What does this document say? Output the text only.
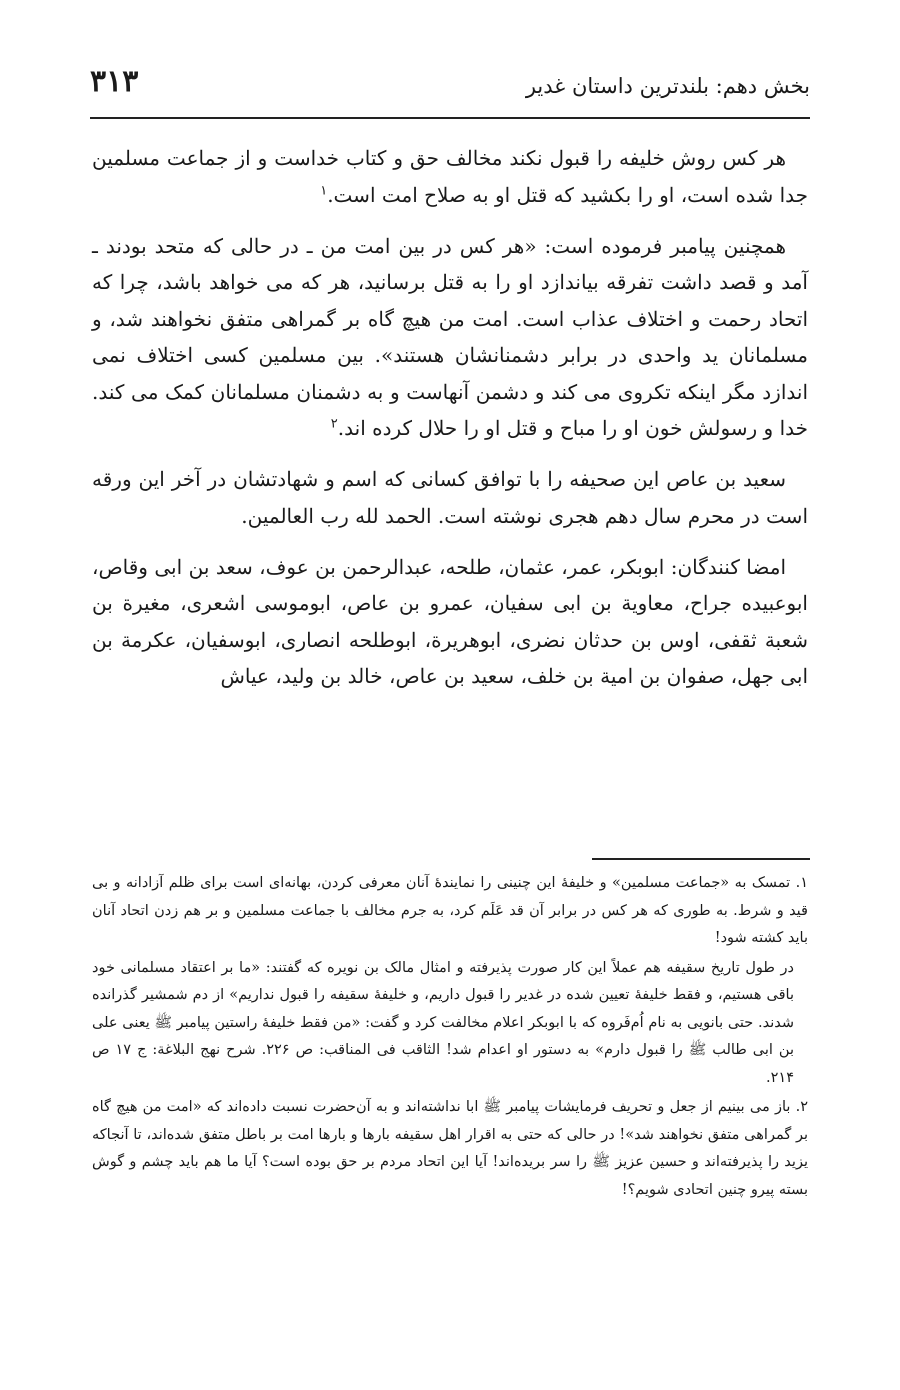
بخش دهم: بلندترین داستان غدیر
۳۱۳

هر کس روش خلیفه را قبول نکند مخالف حق و کتاب خداست و از جماعت مسلمین جدا شده است، او را بکشید که قتل او به صلاح امت است.$^۱$

همچنین پیامبر فرموده است: «هر کس در بین امت من ـ در حالی که متحد بودند ـ آمد و قصد داشت تفرقه بیاندازد او را به قتل برسانید، هر که می خواهد باشد، چرا که اتحاد رحمت و اختلاف عذاب است. امت من هیچ گاه بر گمراهی متفق نخواهند شد، و مسلمانان ید واحدی در برابر دشمنانشان هستند». بین مسلمین کسی اختلاف نمی اندازد مگر اینکه تکروی می کند و دشمن آنهاست و به دشمنان مسلمانان کمک می کند. خدا و رسولش خون او را مباح و قتل او را حلال کرده اند.$^۲$

سعید بن عاص این صحیفه را با توافق کسانی که اسم و شهادتشان در آخر این ورقه است در محرم سال دهم هجری نوشته است. الحمد لله رب العالمین.

امضا کنندگان: ابوبکر، عمر، عثمان، طلحه، عبدالرحمن بن عوف، سعد بن ابی وقاص، ابوعبیده جراح، معاویة بن ابی سفیان، عمرو بن عاص، ابوموسی اشعری، مغیرة بن شعبة ثقفی، اوس بن حدثان نضری، ابوهریرة، ابوطلحه انصاری، ابوسفیان، عکرمة بن ابی جهل، صفوان بن امیة بن خلف، سعید بن عاص، خالد بن ولید، عیاش

۱. تمسک به «جماعت مسلمین» و خلیفهٔ این چنینی را نمایندهٔ آنان معرفی کردن، بهانه‌ای است برای ظلم آزادانه و بی قید و شرط. به طوری که هر کس در برابر آن قد عَلَم کرد، به جرم مخالف با جماعت مسلمین و بر هم زدن اتحاد آنان باید کشته شود!

در طول تاریخ سقیفه هم عملاً این کار صورت پذیرفته و امثال مالک بن نویره که گفتند: «ما بر اعتقاد مسلمانی خود باقی هستیم، و فقط خلیفهٔ تعیین شده در غدیر را قبول داریم، و خلیفهٔ سقیفه را قبول نداریم» از دم شمشیر گذرانده شدند. حتی بانویی به نام اُم‌فَروه که با ابوبکر اعلام مخالفت کرد و گفت: «من فقط خلیفهٔ راستین پیامبر ﷺ یعنی علی بن ابی طالب ﷺ را قبول دارم» به دستور او اعدام شد! الثاقب فی المناقب: ص ۲۲۶. شرح نهج البلاغة: ج ۱۷ ص ۲۱۴.

۲. باز می بینیم از جعل و تحریف فرمایشات پیامبر ﷺ ابا نداشته‌اند و به آن‌حضرت نسبت داده‌اند که «امت من هیچ گاه بر گمراهی متفق نخواهند شد»! در حالی که حتی به اقرار اهل سقیفه بارها و بارها امت بر باطل متفق شده‌اند، تا آنجاکه یزید را پذیرفته‌اند و حسین عزیز ﷺ را سر بریده‌اند! آیا این اتحاد مردم بر حق بوده است؟ آیا ما هم باید چشم و گوش بسته پیرو چنین اتحادی شویم؟!
